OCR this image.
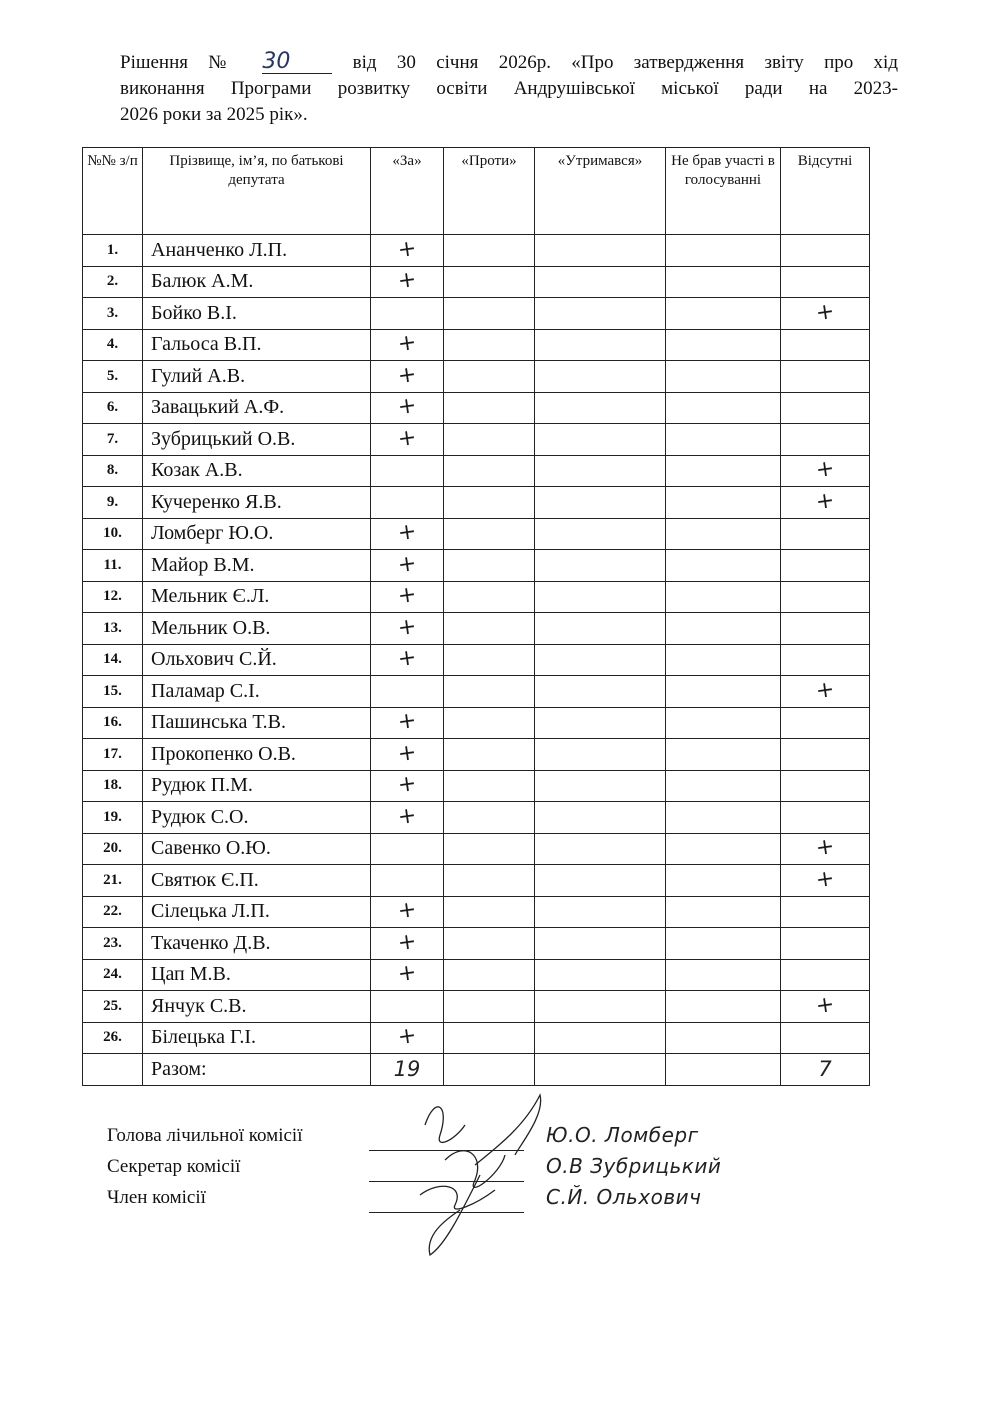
Рішення № 30	від 30 січня 2026р. «Про затвердження звіту про хід
виконання Програми розвитку освіти Андрушівської міської ради на 2023-
2026 роки за 2025 рік».
№№ з/п	Прізвище, ім’я, по батькові депутата	«За»	«Проти»	«Утримався»	Не брав участі в голосуванні	Відсутні
1.	Ананченко Л.П.	+				
2.	Балюк А.М.	+				
3.	Бойко В.І.					+
4.	Гальоса В.П.	+				
5.	Гулий А.В.	+				
6.	Завацький А.Ф.	+				
7.	Зубрицький О.В.	+				
8.	Козак А.В.					+
9.	Кучеренко Я.В.					+
10.	Ломберг Ю.О.	+				
11.	Майор В.М.	+				
12.	Мельник Є.Л.	+				
13.	Мельник О.В.	+				
14.	Ольхович С.Й.	+				
15.	Паламар С.І.					+
16.	Пашинська Т.В.	+				
17.	Прокопенко О.В.	+				
18.	Рудюк П.М.	+				
19.	Рудюк С.О.	+				
20.	Савенко О.Ю.					+
21.	Святюк Є.П.					+
22.	Сілецька Л.П.	+				
23.	Ткаченко Д.В.	+				
24.	Цап М.В.	+				
25.	Янчук С.В.					+
26.	Білецька Г.І.	+				
	Разом:	19				7
Голова лічильної комісії	Ю.О. Ломберг
Секретар комісії	О.В Зубрицький
Член комісії	С.Й. Ольхович
